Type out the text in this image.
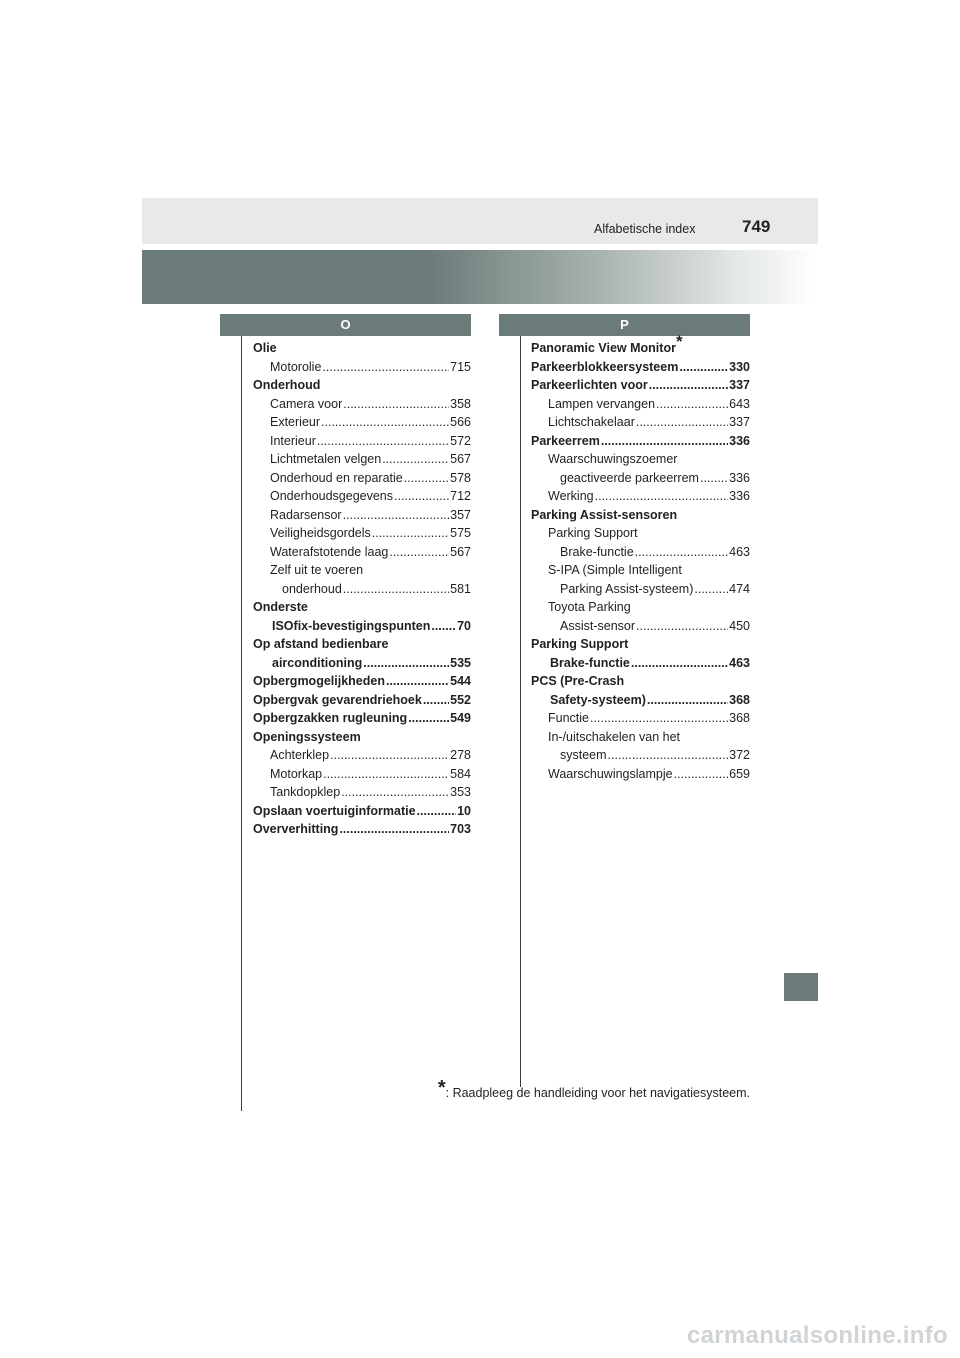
Alfabetische index	749
O	P
Olie
Motorolie .....	715
Onderhoud
Camera voor .....	358
Exterieur .....	566
Interieur .....	572
Lichtmetalen velgen .....	567
Onderhoud en reparatie .....	578
Onderhoudsgegevens .....	712
Radarsensor .....	357
Veiligheidsgordels .....	575
Waterafstotende laag .....	567
Zelf uit te voeren
onderhoud .....	581
Onderste
ISOfix-bevestigingspunten ..... 70
Op afstand bedienbare
airconditioning .....	535
Opbergmogelijkheden .....	544
Opbergvak gevarendriehoek ..... 552
Opbergzakken rugleuning .....	549
Openingssysteem
Achterklep .....	278
Motorkap .....	584
Tankdopklep .....	353
Opslaan voertuiginformatie .....	10
Oververhitting .....	703
Panoramic View Monitor*
Parkeerblokkeersysteem .....	330
Parkeerlichten voor .....	337
Lampen vervangen .....	643
Lichtschakelaar .....	337
Parkeerrem .....	336
Waarschuwingszoemer
geactiveerde parkeerrem ..... 336
Werking .....	336
Parking Assist-sensoren
Parking Support
Brake-functie .....	463
S-IPA (Simple Intelligent
Parking Assist-systeem) .....	474
Toyota Parking
Assist-sensor .....	450
Parking Support
Brake-functie .....	463
PCS (Pre-Crash
Safety-systeem) .....	368
Functie .....	368
In-/uitschakelen van het
systeem .....	372
Waarschuwingslampje .....	659
*: Raadpleeg de handleiding voor het navigatiesysteem.
carmanualsonline.info
